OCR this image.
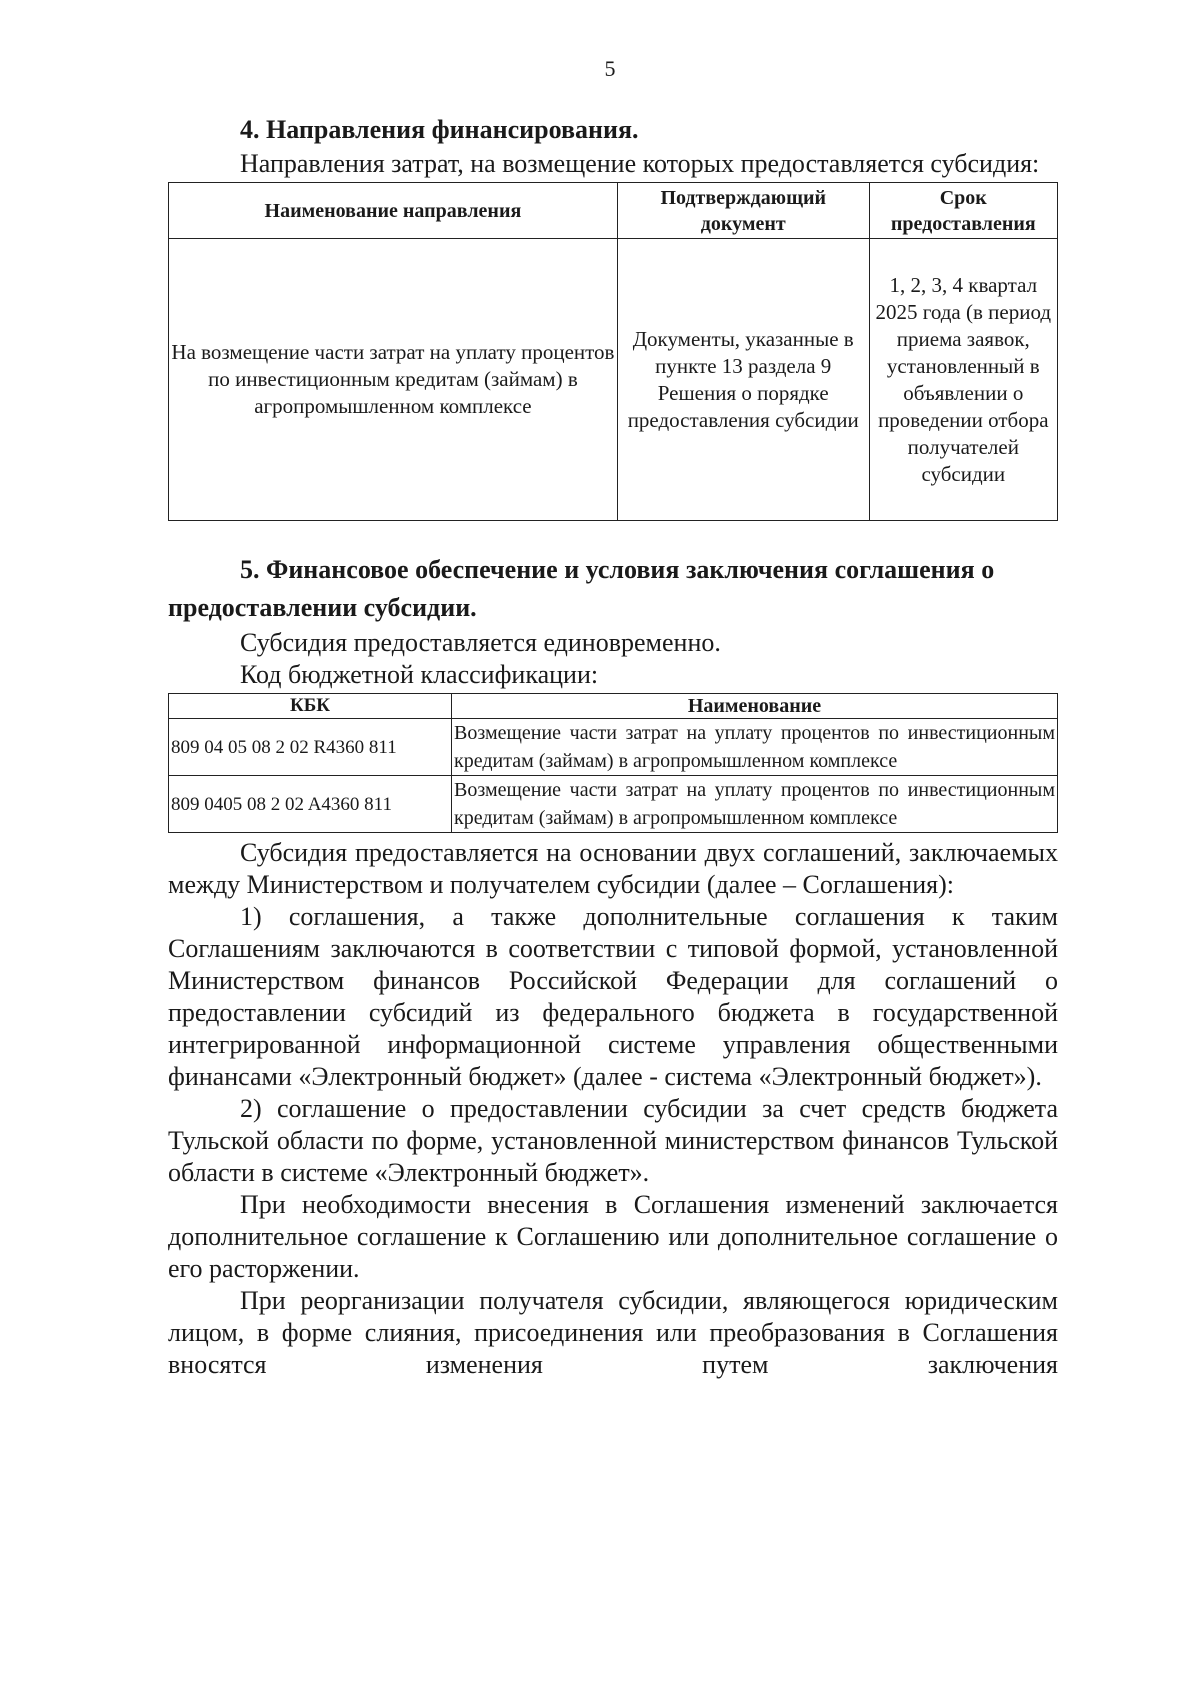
5
4. Направления финансирования.

Направления затрат, на возмещение которых предоставляется субсидия:

Наименование направления	Подтверждающий документ	Срок предоставления
На возмещение части затрат на уплату процентов по инвестиционным кредитам (займам) в агропромышленном комплексе	Документы, указанные в пункте 13 раздела 9 Решения о порядке предоставления субсидии	1, 2, 3, 4 квартал 2025 года (в период приема заявок, установленный в объявлении о проведении отбора получателей субсидии
5. Финансовое обеспечение и условия заключения соглашения о предоставлении субсидии.

Субсидия предоставляется единовременно.

Код бюджетной классификации:

КБК	Наименование
809 04 05 08 2 02 R4360 811	Возмещение части затрат на уплату процентов по инвестиционным кредитам (займам) в агропромышленном комплексе
809 0405 08 2 02 A4360 811	Возмещение части затрат на уплату процентов по инвестиционным кредитам (займам) в агропромышленном комплексе

Субсидия предоставляется на основании двух соглашений, заключаемых между Министерством и получателем субсидии (далее – Соглашения):

1) соглашения, а также дополнительные соглашения к таким Соглашениям заключаются в соответствии с типовой формой, установленной Министерством финансов Российской Федерации для соглашений о предоставлении субсидий из федерального бюджета в государственной интегрированной информационной системе управления общественными финансами «Электронный бюджет» (далее - система «Электронный бюджет»).

2) соглашение о предоставлении субсидии за счет средств бюджета Тульской области по форме, установленной министерством финансов Тульской области в системе «Электронный бюджет».

При необходимости внесения в Соглашения изменений заключается дополнительное соглашение к Соглашению или дополнительное соглашение о его расторжении.

При реорганизации получателя субсидии, являющегося юридическим лицом, в форме слияния, присоединения или преобразования в Соглашения вносятся изменения путем заключения
